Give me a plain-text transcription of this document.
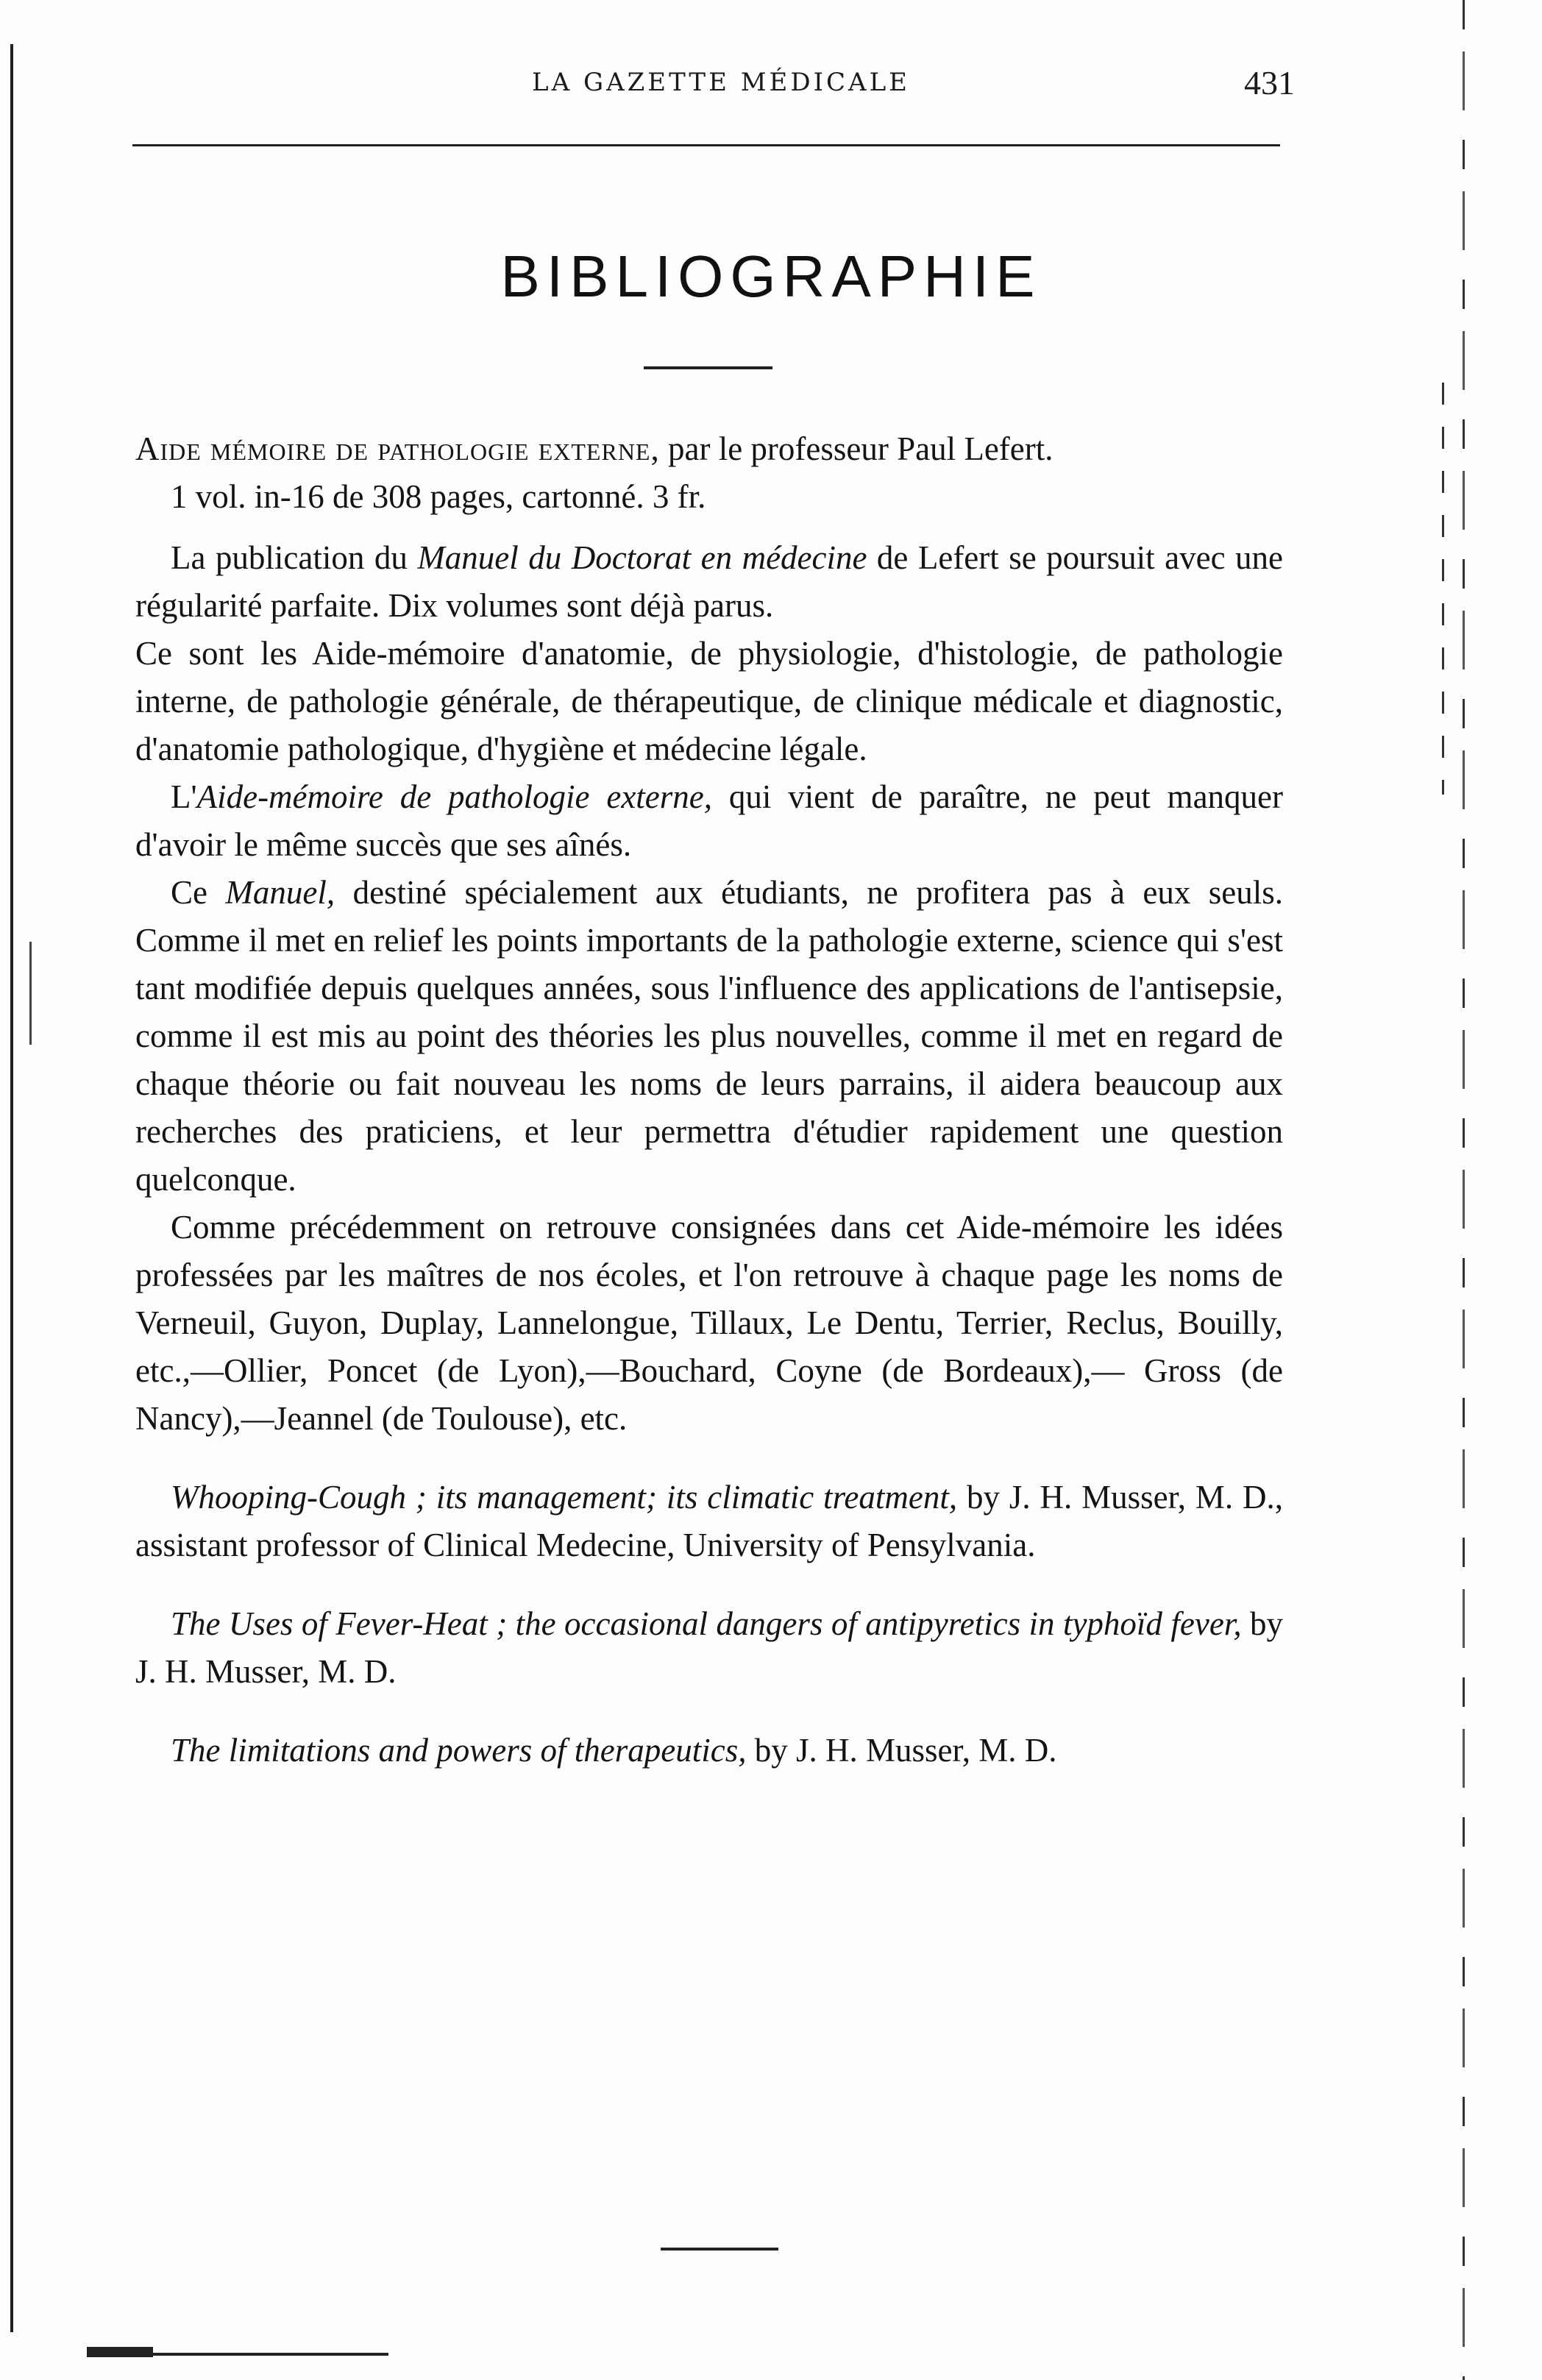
LA GAZETTE MÉDICALE	431
BIBLIOGRAPHIE

Aide mémoire de pathologie externe, par le professeur Paul Lefert.
1 vol. in-16 de 308 pages, cartonné. 3 fr.

La publication du Manuel du Doctorat en médecine de Lefert se poursuit avec une régularité parfaite. Dix volumes sont déjà parus.

Ce sont les Aide-mémoire d'anatomie, de physiologie, d'histologie, de pathologie interne, de pathologie générale, de thérapeutique, de clinique médicale et diagnostic, d'anatomie pathologique, d'hygiène et médecine légale.

L'Aide-mémoire de pathologie externe, qui vient de paraître, ne peut manquer d'avoir le même succès que ses aînés.

Ce Manuel, destiné spécialement aux étudiants, ne profitera pas à eux seuls. Comme il met en relief les points importants de la pathologie externe, science qui s'est tant modifiée depuis quelques années, sous l'influence des applications de l'antisepsie, comme il est mis au point des théories les plus nouvelles, comme il met en regard de chaque théorie ou fait nouveau les noms de leurs parrains, il aidera beaucoup aux recherches des praticiens, et leur permettra d'étudier rapidement une question quelconque.

Comme précédemment on retrouve consignées dans cet Aide-mémoire les idées professées par les maîtres de nos écoles, et l'on retrouve à chaque page les noms de Verneuil, Guyon, Duplay, Lannelongue, Tillaux, Le Dentu, Terrier, Reclus, Bouilly, etc.,—Ollier, Poncet (de Lyon),—Bouchard, Coyne (de Bordeaux),— Gross (de Nancy),—Jeannel (de Toulouse), etc.

Whooping-Cough ; its management; its climatic treatment, by J. H. Musser, M. D., assistant professor of Clinical Medecine, University of Pensylvania.

The Uses of Fever-Heat ; the occasional dangers of antipyretics in typhoïd fever, by J. H. Musser, M. D.

The limitations and powers of therapeutics, by J. H. Musser, M. D.
